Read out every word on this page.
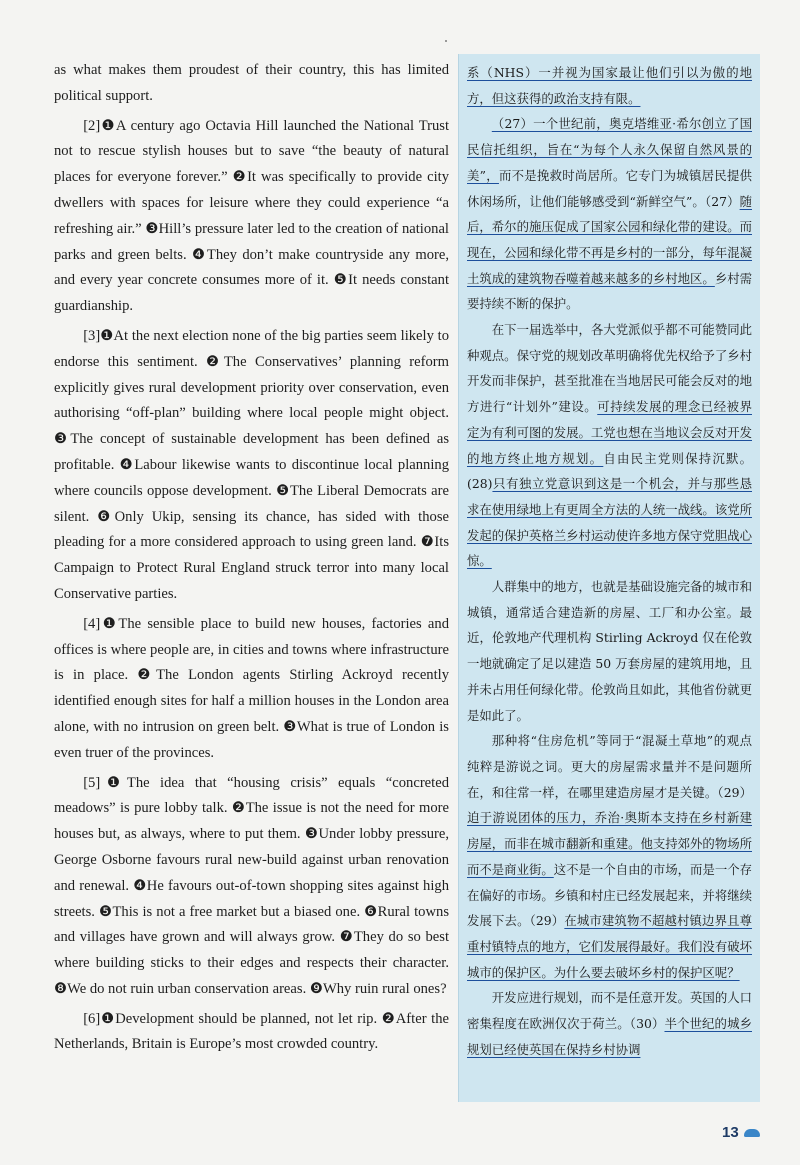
as what makes them proudest of their country, this has limited political support.

[2]❶A century ago Octavia Hill launched the National Trust not to rescue stylish houses but to save “the beauty of natural places for everyone forever.” ❷It was specifically to provide city dwellers with spaces for leisure where they could experience “a refreshing air.” ❸Hill’s pressure later led to the creation of national parks and green belts. ❹They don’t make countryside any more, and every year concrete consumes more of it. ❺It needs constant guardianship.

[3]❶At the next election none of the big parties seem likely to endorse this sentiment. ❷The Conservatives’ planning reform explicitly gives rural development priority over conservation, even authorising “off-plan” building where local people might object. ❸The concept of sustainable development has been defined as profitable. ❹Labour likewise wants to discontinue local planning where councils oppose development. ❺The Liberal Democrats are silent. ❻Only Ukip, sensing its chance, has sided with those pleading for a more considered approach to using green land. ❼Its Campaign to Protect Rural England struck terror into many local Conservative parties.

[4]❶The sensible place to build new houses, factories and offices is where people are, in cities and towns where infrastructure is in place. ❷The London agents Stirling Ackroyd recently identified enough sites for half a million houses in the London area alone, with no intrusion on green belt. ❸What is true of London is even truer of the provinces.

[5]❶The idea that “housing crisis” equals “concreted meadows” is pure lobby talk. ❷The issue is not the need for more houses but, as always, where to put them. ❸Under lobby pressure, George Osborne favours rural new-build against urban renovation and renewal. ❹He favours out-of-town shopping sites against high streets. ❺This is not a free market but a biased one. ❻Rural towns and villages have grown and will always grow. ❼They do so best where building sticks to their edges and respects their character. ❽We do not ruin urban conservation areas. ❾Why ruin rural ones?

[6]❶Development should be planned, not let rip. ❷After the Netherlands, Britain is Europe’s most crowded country.

系（NHS）一并视为国家最让他们引以为傲的地方，但这获得的政治支持有限。

（27）一个世纪前，奥克塔维亚·希尔创立了国民信托组织，旨在“为每个人永久保留自然风景的美”，而不是挽救时尚居所。它专门为城镇居民提供休闲场所，让他们能够感受到“新鲜空气”。（27）随后，希尔的施压促成了国家公园和绿化带的建设。而现在，公园和绿化带不再是乡村的一部分，每年混凝土筑成的建筑物吞噬着越来越多的乡村地区。乡村需要持续不断的保护。

在下一届选举中，各大党派似乎都不可能赞同此种观点。保守党的规划改革明确将优先权给予了乡村开发而非保护，甚至批准在当地居民可能会反对的地方进行“计划外”建设。可持续发展的理念已经被界定为有利可图的发展。工党也想在当地议会反对开发的地方终止地方规划。自由民主党则保持沉默。(28)只有独立党意识到这是一个机会，并与那些恳求在使用绿地上有更周全方法的人统一战线。该党所发起的保护英格兰乡村运动使许多地方保守党胆战心惊。

人群集中的地方，也就是基础设施完备的城市和城镇，通常适合建造新的房屋、工厂和办公室。最近，伦敦地产代理机构 Stirling Ackroyd 仅在伦敦一地就确定了足以建造 50 万套房屋的建筑用地，且并未占用任何绿化带。伦敦尚且如此，其他省份就更是如此了。

那种将“住房危机”等同于“混凝土草地”的观点纯粹是游说之词。更大的房屋需求量并不是问题所在，和往常一样，在哪里建造房屋才是关键。（29）迫于游说团体的压力，乔治·奥斯本支持在乡村新建房屋，而非在城市翻新和重建。他支持郊外的物场所而不是商业街。这不是一个自由的市场，而是一个存在偏好的市场。乡镇和村庄已经发展起来，并将继续发展下去。（29）在城市建筑物不超越村镇边界且尊重村镇特点的地方，它们发展得最好。我们没有破坏城市的保护区。为什么要去破坏乡村的保护区呢？

开发应进行规划，而不是任意开发。英国的人口密集程度在欧洲仅次于荷兰。（30）半个世纪的城乡规划已经使英国在保持乡村协调

13
